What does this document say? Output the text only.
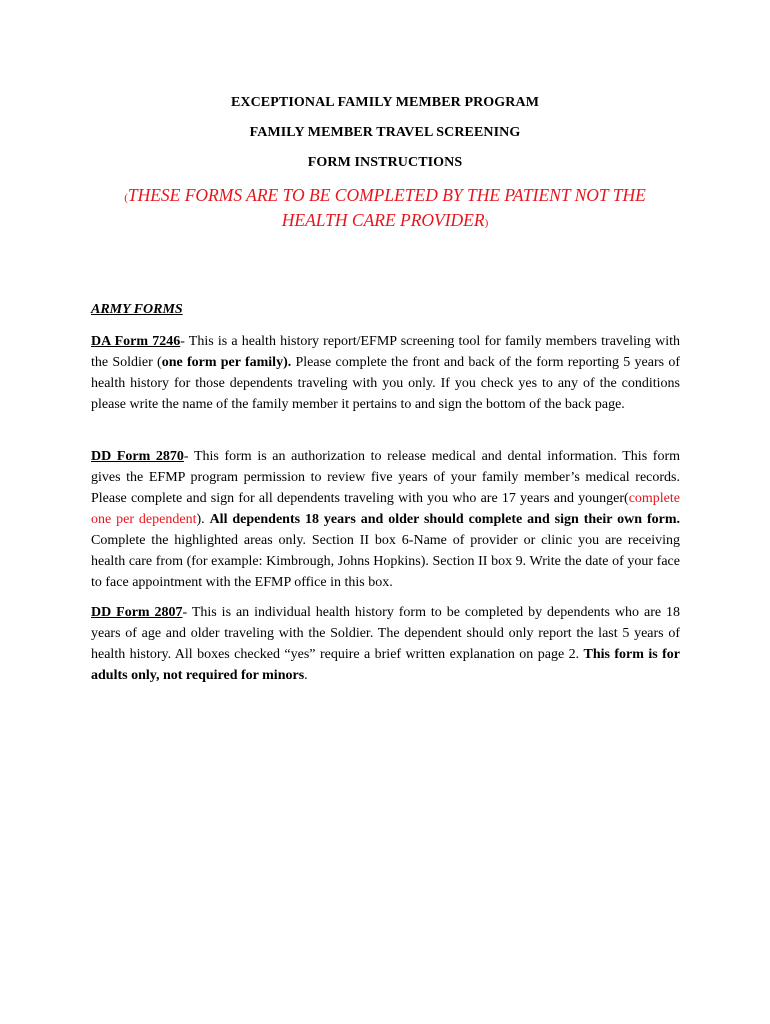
EXCEPTIONAL FAMILY MEMBER PROGRAM
FAMILY MEMBER TRAVEL SCREENING
FORM INSTRUCTIONS
(THESE FORMS ARE TO BE COMPLETED BY THE PATIENT NOT THE HEALTH CARE PROVIDER)
ARMY FORMS
DA Form 7246- This is a health history report/EFMP screening tool for family members traveling with the Soldier (one form per family). Please complete the front and back of the form reporting 5 years of health history for those dependents traveling with you only. If you check yes to any of the conditions please write the name of the family member it pertains to and sign the bottom of the back page.
DD Form 2870- This form is an authorization to release medical and dental information. This form gives the EFMP program permission to review five years of your family member’s medical records. Please complete and sign for all dependents traveling with you who are 17 years and younger(complete one per dependent). All dependents 18 years and older should complete and sign their own form. Complete the highlighted areas only. Section II box 6-Name of provider or clinic you are receiving health care from (for example: Kimbrough, Johns Hopkins). Section II box 9. Write the date of your face to face appointment with the EFMP office in this box.
DD Form 2807- This is an individual health history form to be completed by dependents who are 18 years of age and older traveling with the Soldier. The dependent should only report the last 5 years of health history. All boxes checked “yes” require a brief written explanation on page 2. This form is for adults only, not required for minors.
